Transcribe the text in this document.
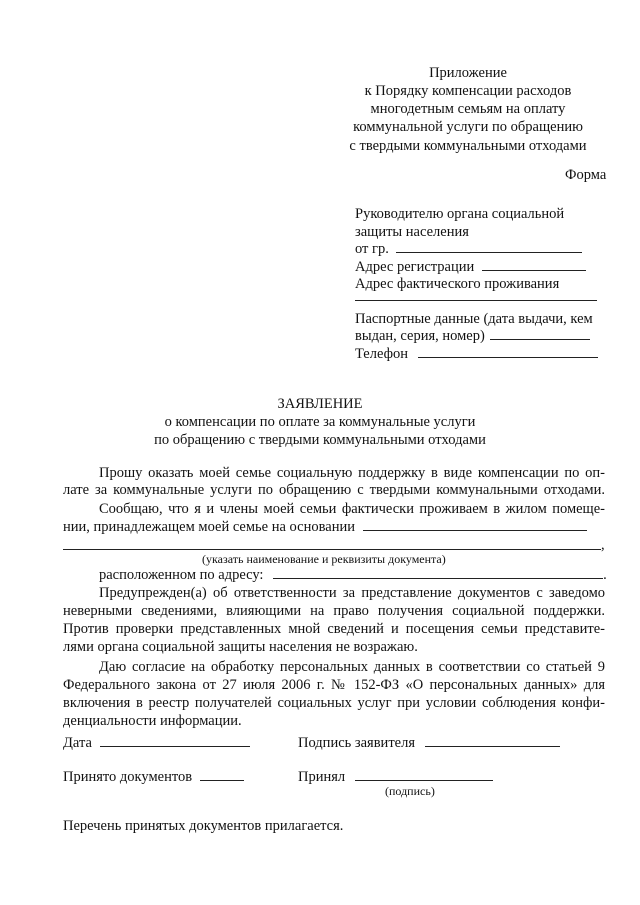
Приложение
к Порядку компенсации расходов
многодетным семьям на оплату
коммунальной услуги по обращению
с твердыми коммунальными отходами
Форма
Руководителю органа социальной
защиты населения
от гр.
Адрес регистрации
Адрес фактического проживания
Паспортные данные (дата выдачи, кем
выдан, серия, номер)
Телефон
ЗАЯВЛЕНИЕ
о компенсации по оплате за коммунальные услуги
по обращению с твердыми коммунальными отходами
Прошу оказать моей семье социальную поддержку в виде компенсации по оп-
лате за коммунальные услуги по обращению с твердыми коммунальными отходами.
Сообщаю, что я и члены моей семьи фактически проживаем в жилом помеще-
нии, принадлежащем моей семье на основании
,
(указать наименование и реквизиты документа)
расположенном по адресу:	.
Предупрежден(а) об ответственности за представление документов с заведомо
неверными сведениями, влияющими на право получения социальной поддержки.
Против проверки представленных мной сведений и посещения семьи представите-
лями органа социальной защиты населения не возражаю.
Даю согласие на обработку персональных данных в соответствии со статьей 9
Федерального закона от 27 июля 2006 г. № 152-ФЗ «О персональных данных» для
включения в реестр получателей социальных услуг при условии соблюдения конфи-
денциальности информации.
Дата	Подпись заявителя
Принято документов	Принял
(подпись)
Перечень принятых документов прилагается.
